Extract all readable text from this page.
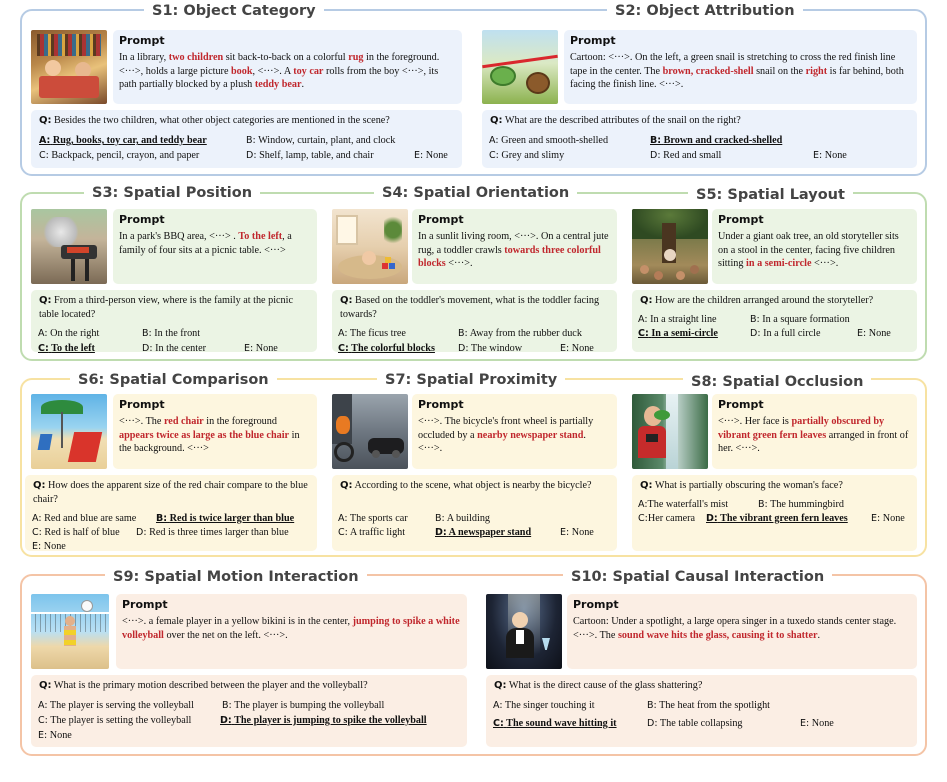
S1: Object Category	S2: Object Attribution
S3: Spatial Position	S4: Spatial Orientation	S5: Spatial Layout
S6: Spatial Comparison	S7: Spatial Proximity	S8: Spatial Occlusion
S9: Spatial Motion Interaction	S10: Spatial Causal Interaction
Prompt
In a library, two children sit back-to-back on a colorful rug in the foreground. <···>, holds a large picture book, <···>. A toy car rolls from the boy <···>, its path partially blocked by a plush teddy bear.
Q: Besides the two children, what other object categories are mentioned in the scene?
A: Rug, books, toy car, and teddy bear	B: Window, curtain, plant, and clock
C: Backpack, pencil, crayon, and paper	D: Shelf, lamp, table, and chair	E: None
Prompt
Cartoon: <···>. On the left, a green snail is stretching to cross the red finish line tape in the center. The brown, cracked-shell snail on the right is far behind, both facing the finish line. <···>.
Q: What are the described attributes of the snail on the right?
A: Green and smooth-shelled	B: Brown and cracked-shelled
C: Grey and slimy	D: Red and small	E: None
Prompt
In a park's BBQ area, <···> . To the left, a family of four sits at a picnic table. <···>
Q: From a third-person view, where is the family at the picnic table located?
A: On the right	B: In the front
C: To the left	D: In the center	E: None
Prompt
In a sunlit living room, <···>. On a central jute rug, a toddler crawls towards three colorful blocks <···>.
Q: Based on the toddler's movement, what is the toddler facing towards?
A: The ficus tree	B: Away from the rubber duck
C: The colorful blocks D: The window	E: None
Prompt
Under a giant oak tree, an old storyteller sits on a stool in the center, facing five children sitting in a semi-circle <···>.
Q: How are the children arranged around the storyteller?
A: In a straight line	B: In a square formation
C: In a semi-circle	D: In a full circle	E: None
Prompt
<···>. The red chair in the foreground appears twice as large as the blue chair in the background. <···>
Q: How does the apparent size of the red chair compare to the blue chair?
A: Red and blue are same B: Red is twice larger than blue
C: Red is half of blue D: Red is three times larger than blue
E: None
Prompt
<···>. The bicycle's front wheel is partially occluded by a nearby newspaper stand. <···>.
Q: According to the scene, what object is nearby the bicycle?
A: The sports car	B: A building
C: A traffic light	D: A newspaper stand	E: None
Prompt
<···>. Her face is partially obscured by vibrant green fern leaves arranged in front of her. <···>.
Q: What is partially obscuring the woman's face?
A:The waterfall's mist	B: The hummingbird
C:Her camera D: The vibrant green fern leaves E: None
Prompt
<···>. a female player in a yellow bikini is in the center, jumping to spike a white volleyball over the net on the left. <···>.
Q: What is the primary motion described between the player and the volleyball?
A: The player is serving the volleyball	B: The player is bumping the volleyball
C: The player is setting the volleyball	D: The player is jumping to spike the volleyball
E: None
Prompt
Cartoon: Under a spotlight, a large opera singer in a tuxedo stands center stage. <···>. The sound wave hits the glass, causing it to shatter.
Q: What is the direct cause of the glass shattering?
A: The singer touching it	B: The heat from the spotlight
C: The sound wave hitting it	D: The table collapsing	E: None
